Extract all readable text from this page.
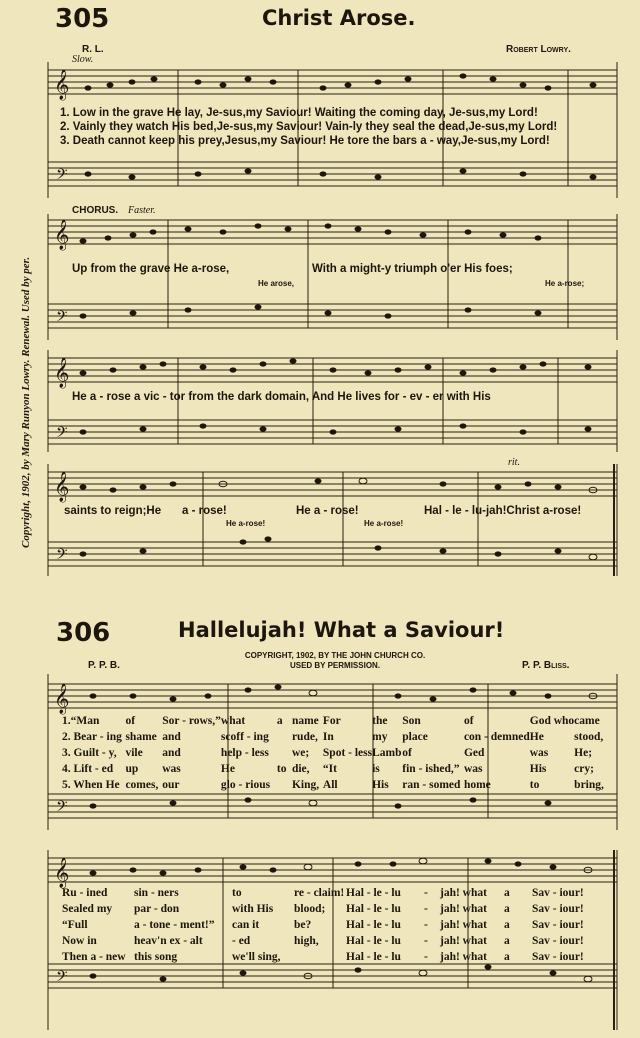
305	Christ Arose.
R. L.	Robert Lowry.
Slow.
Copyright, 1902, by Mary Runyon Lowry. Renewal. Used by per.
𝄞
𝄢
1. Low in the grave He lay, Je-sus,my Saviour! Waiting the coming day, Je-sus,my Lord!
2. Vainly they watch His bed,Je-sus,my Saviour! Vain-ly they seal the dead,Je-sus,my Lord!
3. Death cannot keep his prey,Jesus,my Saviour! He tore the bars a - way,Je-sus,my Lord!
CHORUS. Faster.
𝄞
𝄢
Up from the grave He a-rose,	With a might-y triumph o'er His foes;
He arose,	He a-rose;
𝄞
𝄢
He a - rose a vic - tor from the dark domain, And He lives for - ev - er with His
rit.
𝄞
𝄢
saints to reign;He a - rose!	He a - rose!	Hal - le - lu-jah!Christ a-rose!
He a-rose!	He a-rose!
306	Hallelujah! What a Saviour!
P. P. B.	P. P. Bliss.
COPYRIGHT, 1902, BY THE JOHN CHURCH CO.
USED BY PERMISSION.
𝄞
𝄢
1.“Man	of	Sor - rows,”	what	a	name	For	the	Son	of	God who	came
2. Bear - ing	shame	and	scoff - ing		rude,	In	my	place	con - demned	He	stood,
3. Guilt - y,	vile	and	help - less		we;	Spot - less	Lamb	of	Ged	was	He;
4. Lift - ed	up	was	He	to	die,	“It	is	fin - ished,”	was	His	cry;
5. When He	comes,	our	glo - rious		King,	All	His	ran - somed	home	to	bring,
𝄞
𝄢
Ru - ined	sin - ners	to	re - claim!	Hal - le - lu	-	jah! what	a	Sav - iour!
Sealed my	par - don	with His	blood;	Hal - le - lu	-	jah! what	a	Sav - iour!
“Full	a - tone - ment!”	can it	be?	Hal - le - lu	-	jah! what	a	Sav - iour!
Now in	heav'n ex - alt	- ed	high,	Hal - le - lu	-	jah! what	a	Sav - iour!
Then a - new	this song	we'll sing,		Hal - le - lu	-	jah! what	a	Sav - iour!
